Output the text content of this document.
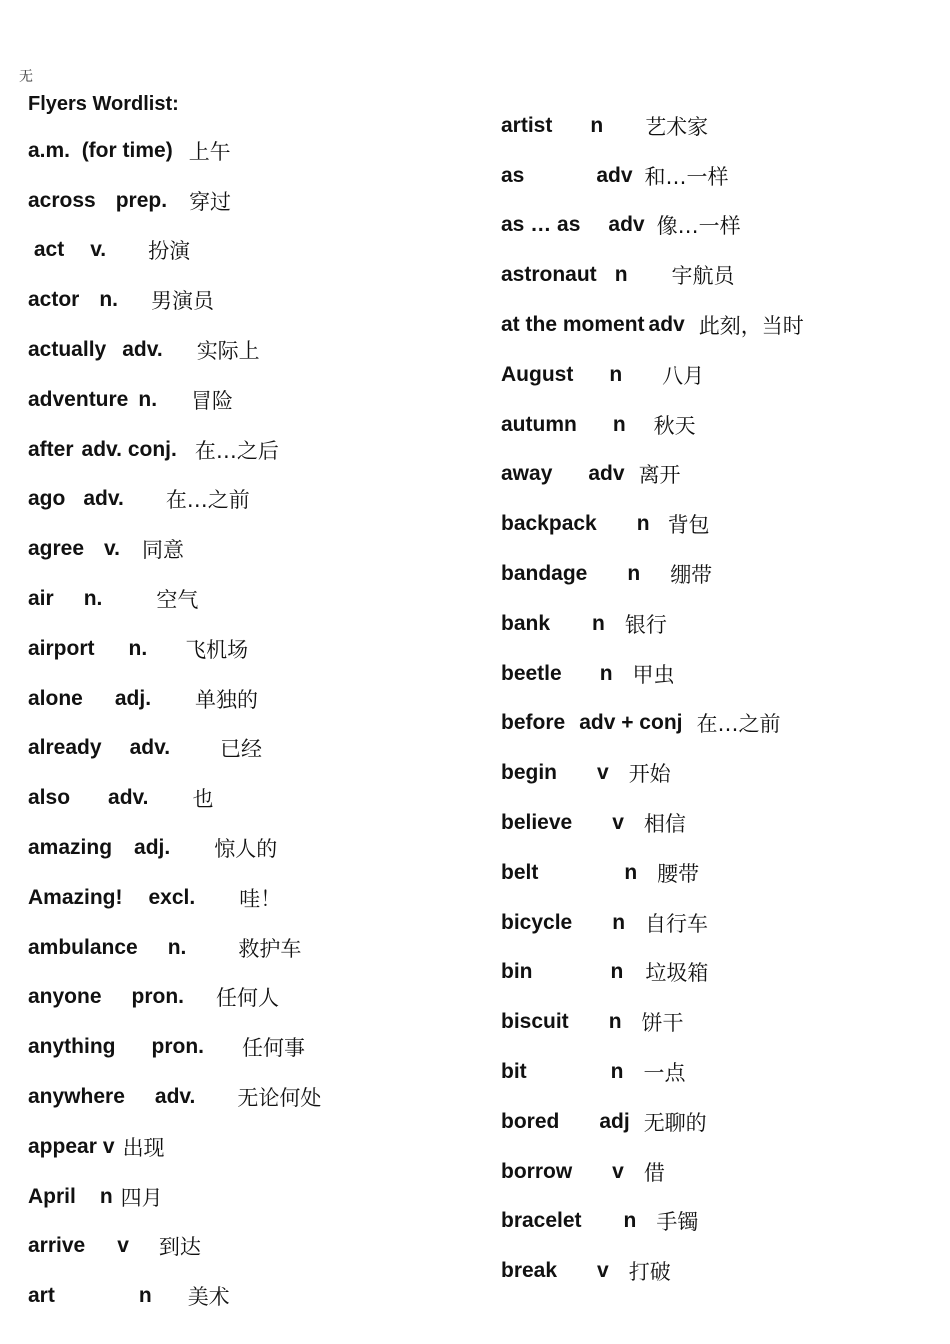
无
Flyers Wordlist:
a.m.  (for time) 上午
across prep. 穿过
act v. 扮演
actor n. 男演员
actually adv. 实际上
adventure n. 冒险
after adv. conj. 在…之后
ago adv. 在…之前
agree v. 同意
air n.	空气
airport n. 飞机场
alone adj. 单独的
already adv. 已经
also adv. 也
amazing adj. 惊人的
Amazing! excl. 哇！
ambulance n. 救护车
anyone pron. 任何人
anything pron. 任何事
anywhere adv. 无论何处
appear v 出现
April n 四月
arrive v 到达
art	n 美术
artist n 艺术家
as	adv 和…一样
as … as adv 像…一样
astronaut n 宇航员
at the moment adv 此刻，当时
August n 八月
autumn n 秋天
away adv 离开
backpack n 背包
bandage n 绷带
bank n 银行
beetle n 甲虫
before adv + conj 在…之前
begin v 开始
believe v 相信
belt	n 腰带
bicycle n 自行车
bin	n 垃圾箱
biscuit n 饼干
bit	n 一点
bored adj 无聊的
borrow v 借
bracelet n 手镯
break v 打破
